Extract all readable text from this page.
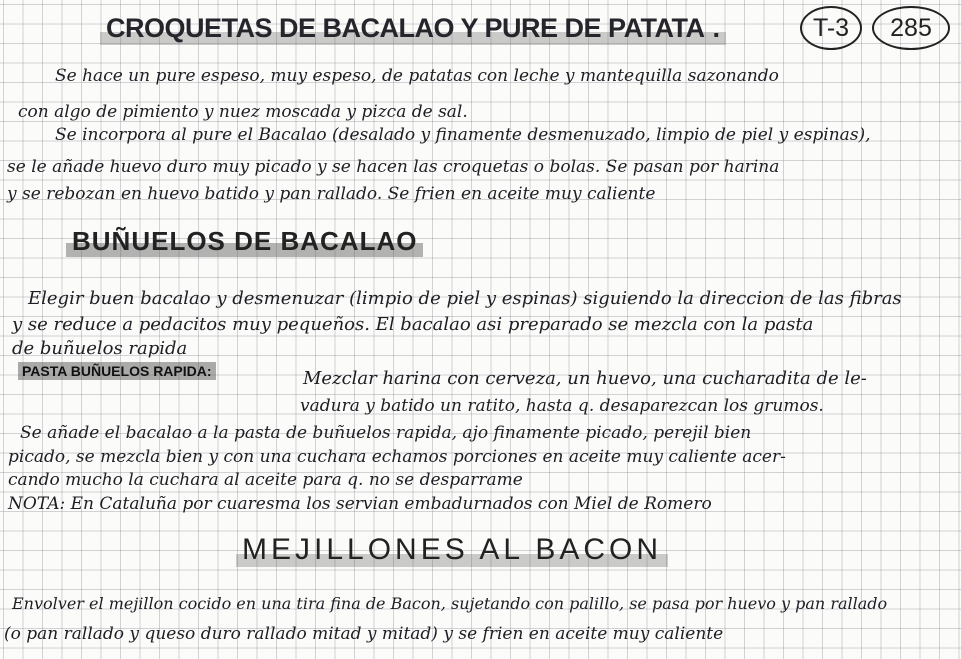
CROQUETAS DE BACALAO Y PURE DE PATATA .	T-3	285
Se hace un pure espeso, muy espeso, de patatas con leche y mantequilla sazonando
con algo de pimiento y nuez moscada y pizca de sal.
Se incorpora al pure el Bacalao (desalado y finamente desmenuzado, limpio de piel y espinas),
se le añade huevo duro muy picado y se hacen las croquetas o bolas. Se pasan por harina
y se rebozan en huevo batido y pan rallado. Se frien en aceite muy caliente
BUÑUELOS DE BACALAO
Elegir buen bacalao y desmenuzar (limpio de piel y espinas) siguiendo la direccion de las fibras
y se reduce a pedacitos muy pequeños. El bacalao asi preparado se mezcla con la pasta
de buñuelos rapida
PASTA BUÑUELOS RAPIDA:	Mezclar harina con cerveza, un huevo, una cucharadita de le-
vadura y batido un ratito, hasta q. desaparezcan los grumos.
Se añade el bacalao a la pasta de buñuelos rapida, ajo finamente picado, perejil bien
picado, se mezcla bien y con una cuchara echamos porciones en aceite muy caliente acer-
cando mucho la cuchara al aceite para q. no se desparrame
NOTA: En Cataluña por cuaresma los servian embadurnados con Miel de Romero
MEJILLONES AL BACON
Envolver el mejillon cocido en una tira fina de Bacon, sujetando con palillo, se pasa por huevo y pan rallado
(o pan rallado y queso duro rallado mitad y mitad) y se frien en aceite muy caliente
